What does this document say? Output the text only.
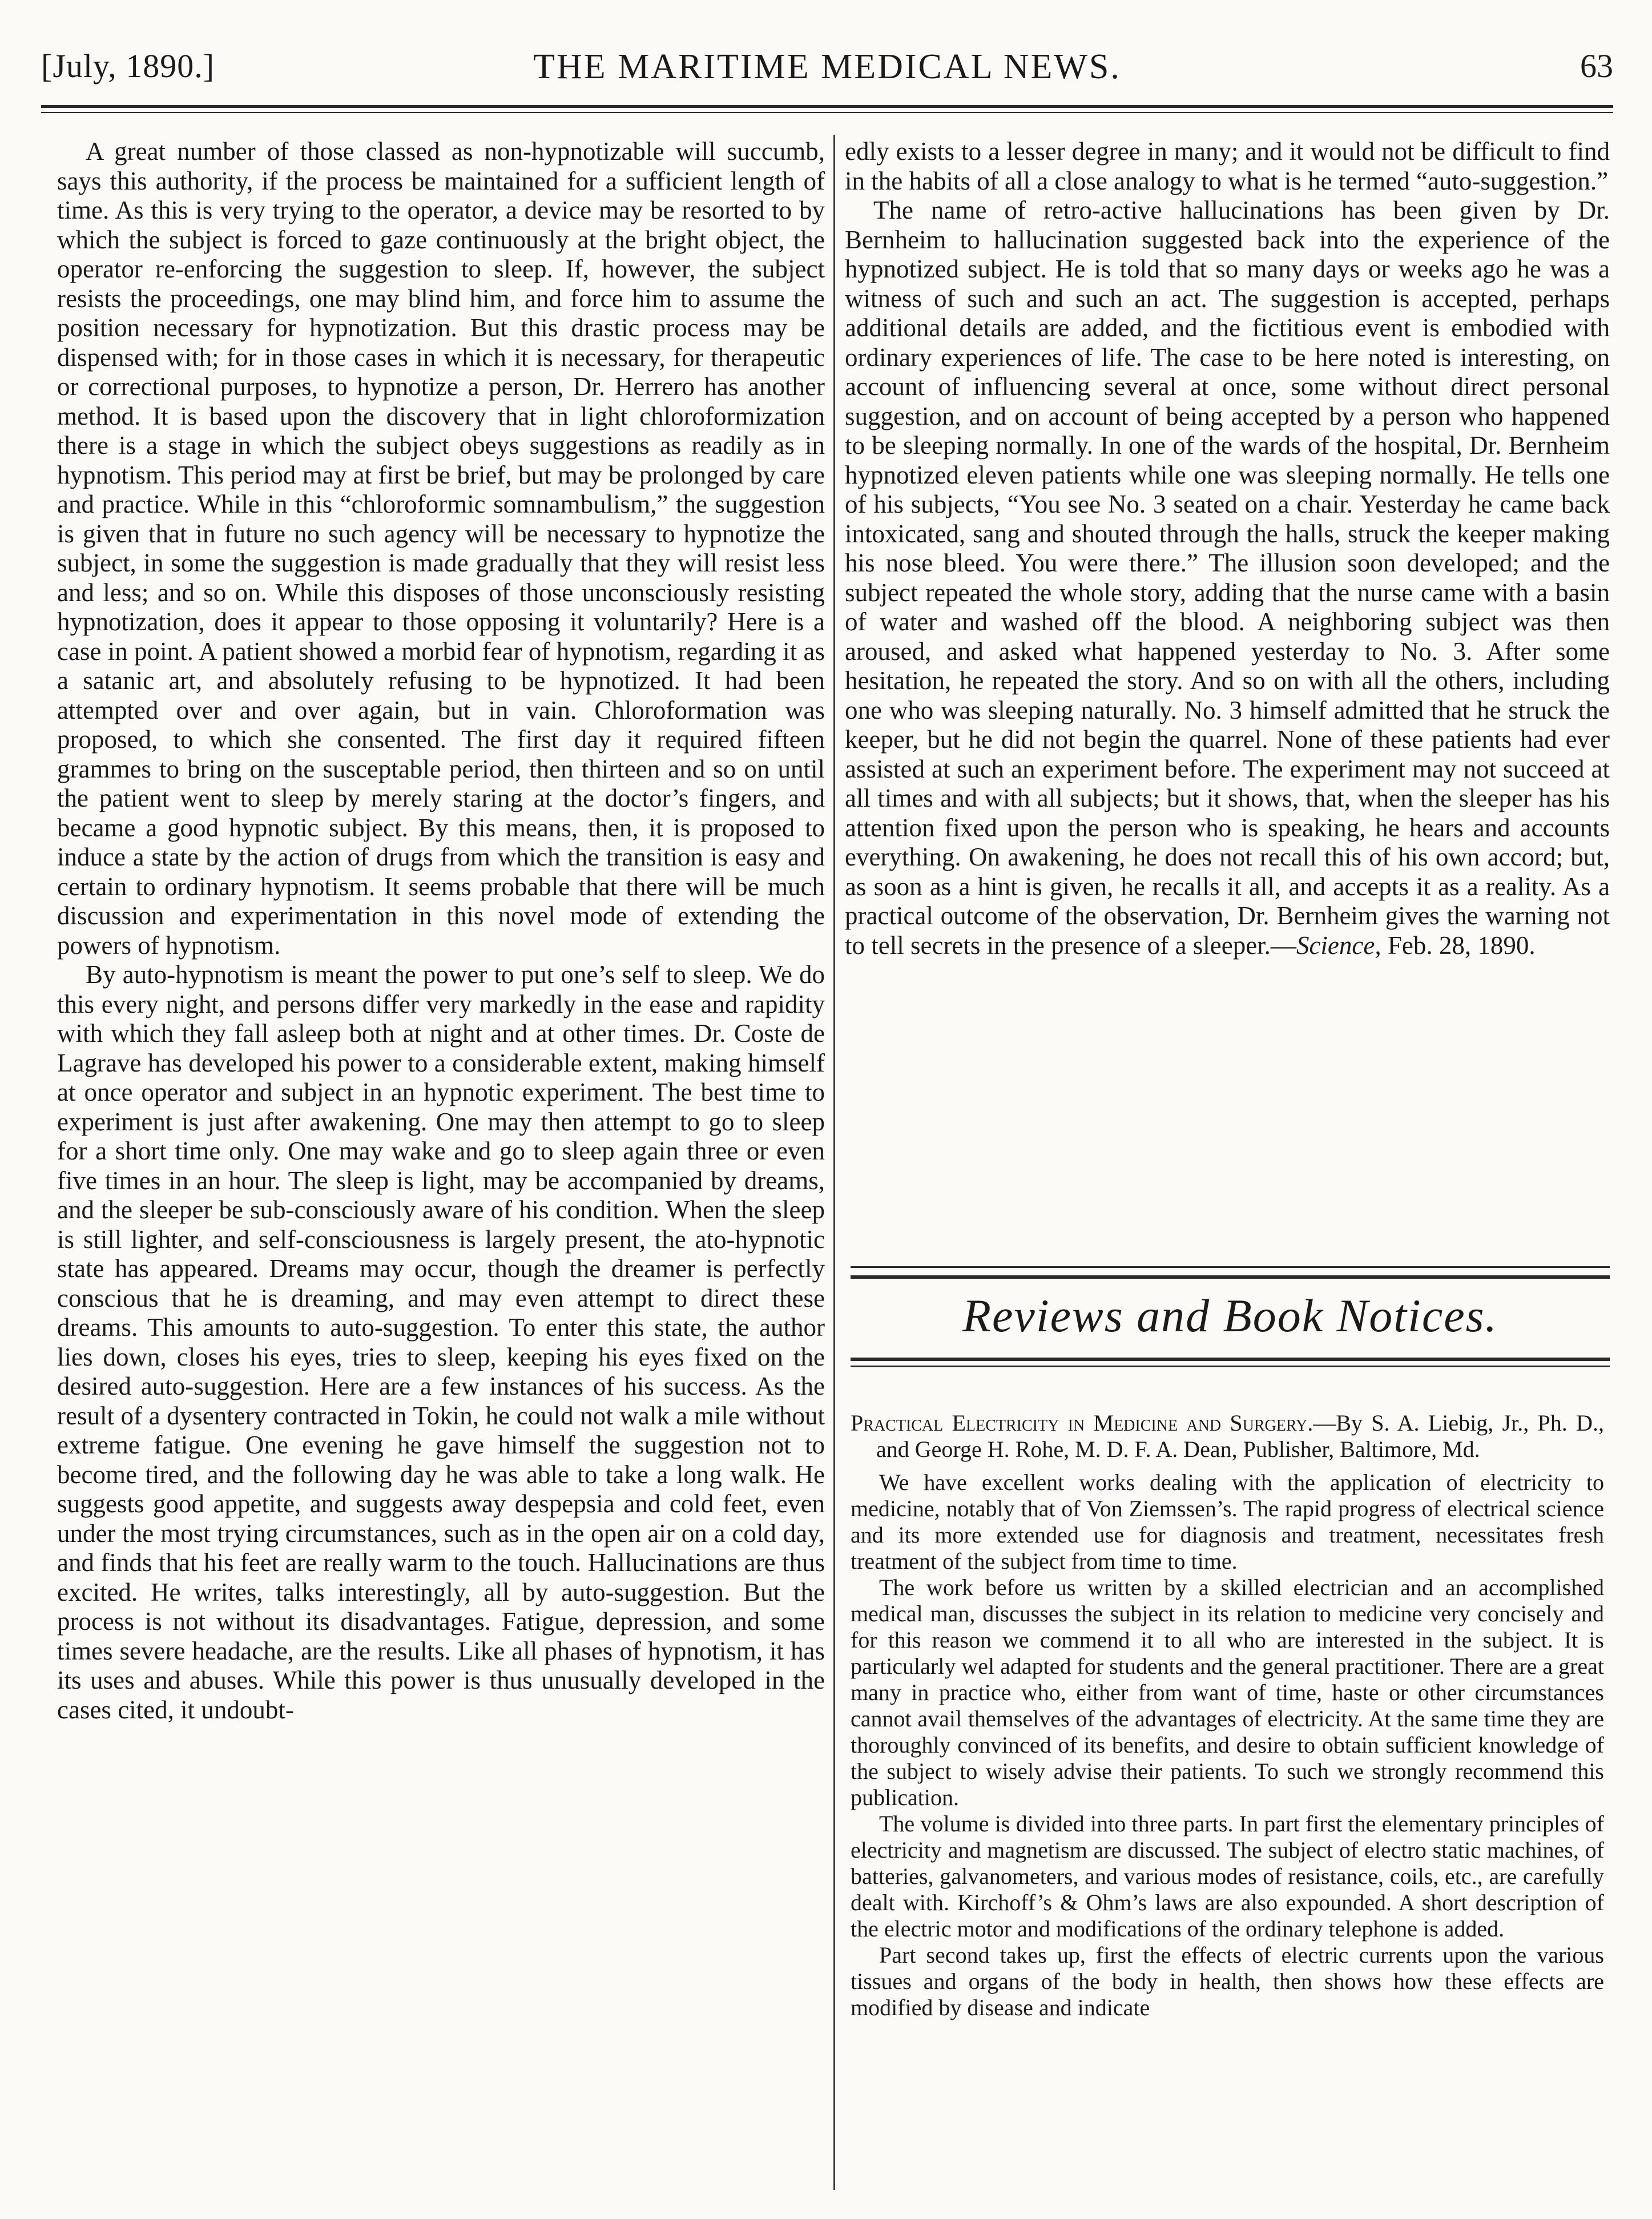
[July, 1890.]	THE MARITIME MEDICAL NEWS.	63

A great number of those classed as non-hypnotizable will succumb, says this authority, if the process be maintained for a sufficient length of time. As this is very trying to the operator, a device may be resorted to by which the subject is forced to gaze continuously at the bright object, the operator re-enforcing the suggestion to sleep. If, however, the subject resists the proceedings, one may blind him, and force him to assume the position necessary for hypnotization. But this drastic process may be dispensed with; for in those cases in which it is necessary, for therapeutic or correctional purposes, to hypnotize a person, Dr. Herrero has another method. It is based upon the discovery that in light chloroformization there is a stage in which the subject obeys suggestions as readily as in hypnotism. This period may at first be brief, but may be prolonged by care and practice. While in this “chloroformic somnambulism,” the suggestion is given that in future no such agency will be necessary to hypnotize the subject, in some the suggestion is made gradually that they will resist less and less; and so on. While this disposes of those unconsciously resisting hypnotization, does it appear to those opposing it voluntarily? Here is a case in point. A patient showed a morbid fear of hypnotism, regarding it as a satanic art, and absolutely refusing to be hypnotized. It had been attempted over and over again, but in vain. Chloroformation was proposed, to which she consented. The first day it required fifteen grammes to bring on the susceptable period, then thirteen and so on until the patient went to sleep by merely staring at the doctor’s fingers, and became a good hypnotic subject. By this means, then, it is proposed to induce a state by the action of drugs from which the transition is easy and certain to ordinary hypnotism. It seems probable that there will be much discussion and experimentation in this novel mode of extending the powers of hypnotism.

By auto-hypnotism is meant the power to put one’s self to sleep. We do this every night, and persons differ very markedly in the ease and rapidity with which they fall asleep both at night and at other times. Dr. Coste de Lagrave has developed his power to a considerable extent, making himself at once operator and subject in an hypnotic experiment. The best time to experiment is just after awakening. One may then attempt to go to sleep for a short time only. One may wake and go to sleep again three or even five times in an hour. The sleep is light, may be accompanied by dreams, and the sleeper be sub-consciously aware of his condition. When the sleep is still lighter, and self-consciousness is largely present, the ato-hypnotic state has appeared. Dreams may occur, though the dreamer is perfectly conscious that he is dreaming, and may even attempt to direct these dreams. This amounts to auto-suggestion. To enter this state, the author lies down, closes his eyes, tries to sleep, keeping his eyes fixed on the desired auto-suggestion. Here are a few instances of his success. As the result of a dysentery contracted in Tokin, he could not walk a mile without extreme fatigue. One evening he gave himself the suggestion not to become tired, and the following day he was able to take a long walk. He suggests good appetite, and suggests away despepsia and cold feet, even under the most trying circumstances, such as in the open air on a cold day, and finds that his feet are really warm to the touch. Hallucinations are thus excited. He writes, talks interestingly, all by auto-suggestion. But the process is not without its disadvantages. Fatigue, depression, and some times severe headache, are the results. Like all phases of hypnotism, it has its uses and abuses. While this power is thus unusually developed in the cases cited, it undoubt-

edly exists to a lesser degree in many; and it would not be difficult to find in the habits of all a close analogy to what is he termed “auto-suggestion.”

The name of retro-active hallucinations has been given by Dr. Bernheim to hallucination suggested back into the experience of the hypnotized subject. He is told that so many days or weeks ago he was a witness of such and such an act. The suggestion is accepted, perhaps additional details are added, and the fictitious event is embodied with ordinary experiences of life. The case to be here noted is interesting, on account of influencing several at once, some without direct personal suggestion, and on account of being accepted by a person who happened to be sleeping normally. In one of the wards of the hospital, Dr. Bernheim hypnotized eleven patients while one was sleeping normally. He tells one of his subjects, “You see No. 3 seated on a chair. Yesterday he came back intoxicated, sang and shouted through the halls, struck the keeper making his nose bleed. You were there.” The illusion soon developed; and the subject repeated the whole story, adding that the nurse came with a basin of water and washed off the blood. A neighboring subject was then aroused, and asked what happened yesterday to No. 3. After some hesitation, he repeated the story. And so on with all the others, including one who was sleeping naturally. No. 3 himself admitted that he struck the keeper, but he did not begin the quarrel. None of these patients had ever assisted at such an experiment before. The experiment may not succeed at all times and with all subjects; but it shows, that, when the sleeper has his attention fixed upon the person who is speaking, he hears and accounts everything. On awakening, he does not recall this of his own accord; but, as soon as a hint is given, he recalls it all, and accepts it as a reality. As a practical outcome of the observation, Dr. Bernheim gives the warning not to tell secrets in the presence of a sleeper.—Science, Feb. 28, 1890.

Reviews and Book Notices.

Practical Electricity in Medicine and Surgery.—By S. A. Liebig, Jr., Ph. D., and George H. Rohe, M. D. F. A. Dean, Publisher, Baltimore, Md.

We have excellent works dealing with the application of electricity to medicine, notably that of Von Ziemssen’s. The rapid progress of electrical science and its more extended use for diagnosis and treatment, necessitates fresh treatment of the subject from time to time.

The work before us written by a skilled electrician and an accomplished medical man, discusses the subject in its relation to medicine very concisely and for this reason we commend it to all who are interested in the subject. It is particularly wel adapted for students and the general practitioner. There are a great many in practice who, either from want of time, haste or other circumstances cannot avail themselves of the advantages of electricity. At the same time they are thoroughly convinced of its benefits, and desire to obtain sufficient knowledge of the subject to wisely advise their patients. To such we strongly recommend this publication.

The volume is divided into three parts. In part first the elementary principles of electricity and magnetism are discussed. The subject of electro static machines, of batteries, galvanometers, and various modes of resistance, coils, etc., are carefully dealt with. Kirchoff’s & Ohm’s laws are also expounded. A short description of the electric motor and modifications of the ordinary telephone is added.

Part second takes up, first the effects of electric currents upon the various tissues and organs of the body in health, then shows how these effects are modified by disease and indicate
